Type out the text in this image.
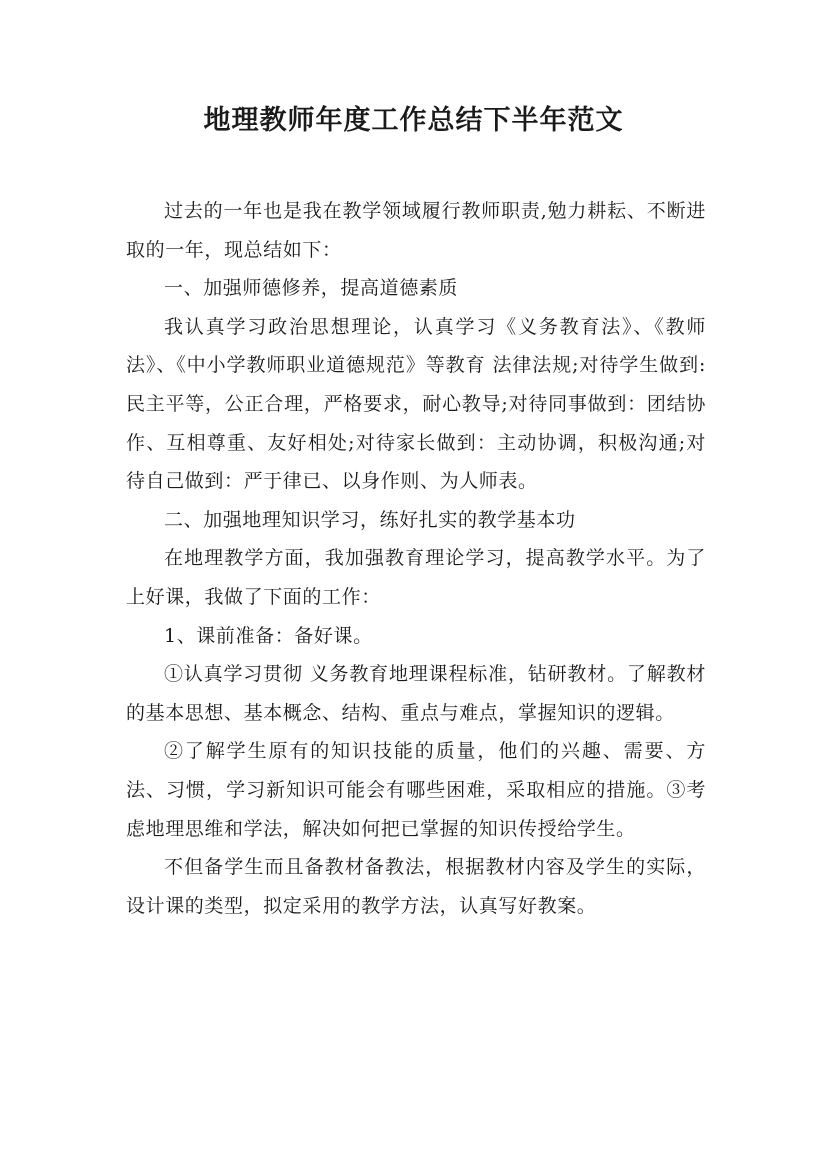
地理教师年度工作总结下半年范文

过去的一年也是我在教学领域履行教师职责,勉力耕耘、不断进取的一年，现总结如下：

一、加强师德修养，提高道德素质

我认真学习政治思想理论，认真学习《义务教育法》、《教师法》、《中小学教师职业道德规范》等教育 法律法规;对待学生做到:民主平等，公正合理，严格要求，耐心教导;对待同事做到：团结协作、互相尊重、友好相处;对待家长做到：主动协调，积极沟通;对 待自己做到：严于律已、以身作则、为人师表。

二、加强地理知识学习，练好扎实的教学基本功

在地理教学方面，我加强教育理论学习，提高教学水平。为了上好课，我做了下面的工作：

1、课前准备：备好课。

①认真学习贯彻 义务教育地理课程标准，钻研教材。了解教材的基本思想、基本概念、结构、重点与难点，掌握知识的逻辑。

②了解学生原有的知识技能的质量，他们的兴趣、需要、方法、习惯，学习新知识可能会有哪些困难，采取相应的措施。③考虑地理思维和学法，解决如何把已掌握的知识传授给学生。

不但备学生而且备教材备教法，根据教材内容及学生的实际，设计课的类型，拟定采用的教学方法，认真写好教案。
